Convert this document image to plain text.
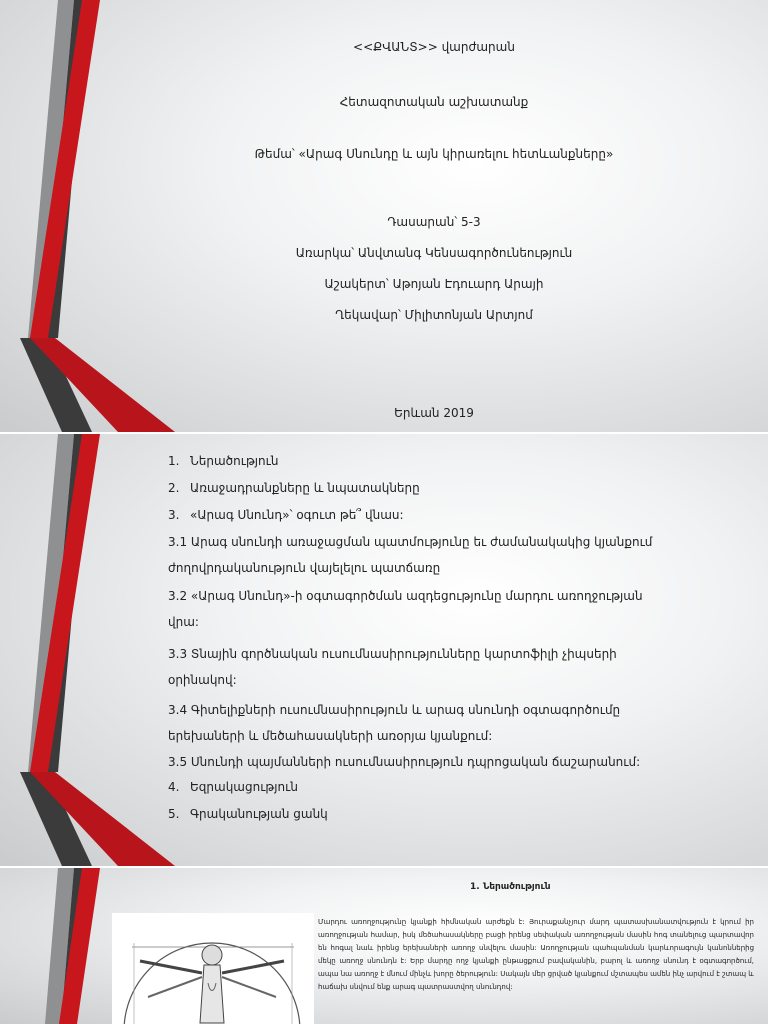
<<ՔՎԱՆՏ>> վարժարան
Հետազոտական աշխատանք
Թեմա՝ «Արագ Սնունդը և այն կիրառելու հետևանքները»
Դասարան՝ 5-3
Առարկա՝ Անվտանգ Կենսագործունեություն
Աշակերտ՝ Աթոյան Էդուարդ Արայի
Ղեկավար՝ Միլիտոնյան Արտյոմ
Երևան 2019
1. Ներածություն
2. Առաջադրանքները և նպատակները
3. «Արագ Սնունդ»՝ օգուտ թե՞ վնաս:
3.1 Արագ սնունդի առաջացման պատմությունը եւ ժամանակակից կյանքում
ժողովրդականություն վայելելու պատճառը
3.2 «Արագ Սնունդ»-ի օգտագործման ազդեցությունը մարդու առողջության
վրա:
3.3 Տնային գործնական ուսումնասիրությունները կարտոֆիլի չիպսերի
օրինակով:
3.4 Գիտելիքների ուսումնասիրություն և արագ սնունդի օգտագործումը
երեխաների և մեծահասակների առօրյա կյանքում:
3.5 Սնունդի պայմանների ուսումնասիրություն դպրոցական ճաշարանում:
4. Եզրակացություն
5. Գրականության ցանկ
1. Ներածություն
Մարդու առողջությունը կյանքի հիմնական արժեքն է: Յուրաքանչյուր մարդ պատասխանատվություն է կրում իր առողջության համար, իսկ մեծահասակները բացի իրենց սեփական առողջության մասին հոգ տանելուց պարտավոր են հոգալ նաև իրենց երեխաների առողջ սնվելու մասին: Առողջության պահպանման կարևորագույն կանոններից մեկը առողջ սնունդն է: Երբ մարդը ողջ կյանքի ընթացքում բավականին, բարոլ և առողջ սնունդ է օգտագործում, ապա նա առողջ է մնում մինչև խորը ծերություն: Սակայն մեր ցրված կյանքում մշտապես ամեն ինչ արվում է շտապ և հաճախ սնվում ենք արագ պատրաստվող սնունդով:
